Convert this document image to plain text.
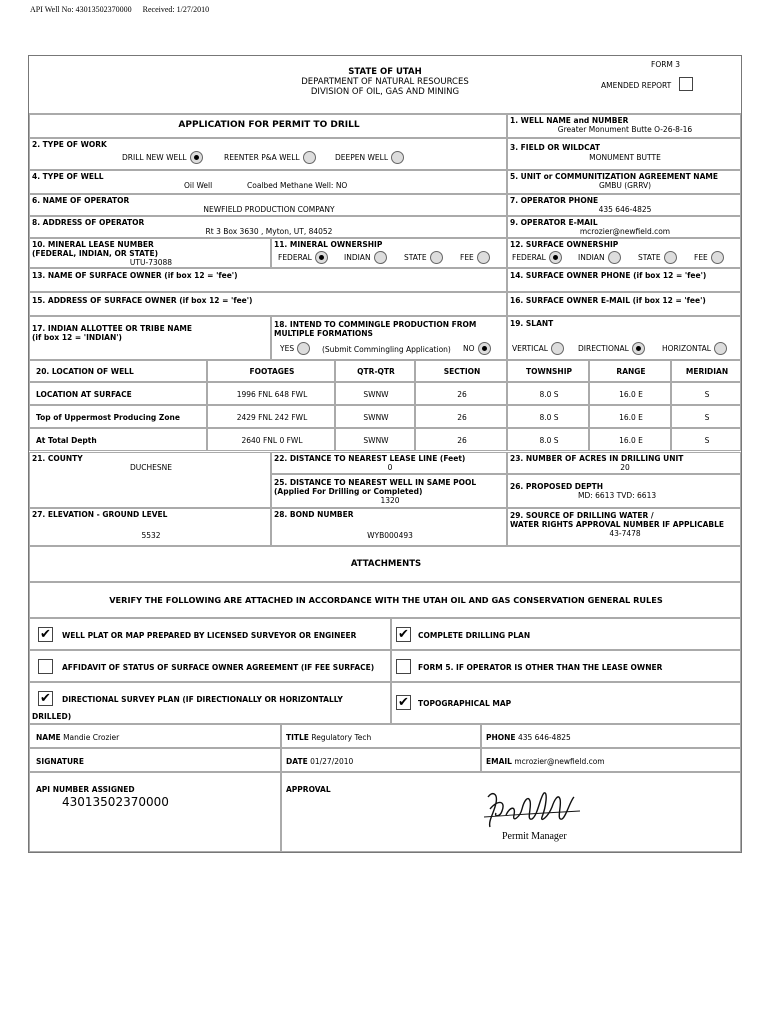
API Well No: 43013502370000 Received: 1/27/2010
FORM 3
STATE OF UTAH
DEPARTMENT OF NATURAL RESOURCES
DIVISION OF OIL, GAS AND MINING
AMENDED REPORT
APPLICATION FOR PERMIT TO DRILL	1. WELL NAME and NUMBER
Greater Monument Butte O-26-8-16
2. TYPE OF WORK
DRILL NEW WELL	REENTER P&A WELL	DEEPEN WELL
3. FIELD OR WILDCAT
MONUMENT BUTTE
4. TYPE OF WELL
Oil Well	Coalbed Methane Well: NO
5. UNIT or COMMUNITIZATION AGREEMENT NAME
GMBU (GRRV)
6. NAME OF OPERATOR
NEWFIELD PRODUCTION COMPANY
7. OPERATOR PHONE
435 646-4825
8. ADDRESS OF OPERATOR
Rt 3 Box 3630 , Myton, UT, 84052
9. OPERATOR E-MAIL
mcrozier@newfield.com
10. MINERAL LEASE NUMBER
(FEDERAL, INDIAN, OR STATE)
UTU-73088
11. MINERAL OWNERSHIP
FEDERAL	INDIAN	STATE	FEE
12. SURFACE OWNERSHIP
FEDERAL	INDIAN	STATE	FEE
13. NAME OF SURFACE OWNER (if box 12 = 'fee')	14. SURFACE OWNER PHONE (if box 12 = 'fee')
15. ADDRESS OF SURFACE OWNER (if box 12 = 'fee')	16. SURFACE OWNER E-MAIL (if box 12 = 'fee')
17. INDIAN ALLOTTEE OR TRIBE NAME
(if box 12 = 'INDIAN')
18. INTEND TO COMMINGLE PRODUCTION FROM
MULTIPLE FORMATIONS
YES	(Submit Commingling Application) NO
19. SLANT
VERTICAL	DIRECTIONAL	HORIZONTAL
20. LOCATION OF WELL	FOOTAGES	QTR-QTR	SECTION	TOWNSHIP	RANGE	MERIDIAN
LOCATION AT SURFACE	1996 FNL 648 FWL	SWNW	26	8.0 S	16.0 E	S
Top of Uppermost Producing Zone	2429 FNL 242 FWL	SWNW	26	8.0 S	16.0 E	S
At Total Depth	2640 FNL 0 FWL	SWNW	26	8.0 S	16.0 E	S
21. COUNTY
DUCHESNE
22. DISTANCE TO NEAREST LEASE LINE (Feet)
0
23. NUMBER OF ACRES IN DRILLING UNIT
20
25. DISTANCE TO NEAREST WELL IN SAME POOL
(Applied For Drilling or Completed)
1320
26. PROPOSED DEPTH
MD: 6613 TVD: 6613
27. ELEVATION - GROUND LEVEL
5532
28. BOND NUMBER
WYB000493
29. SOURCE OF DRILLING WATER /
WATER RIGHTS APPROVAL NUMBER IF APPLICABLE
43-7478
ATTACHMENTS
VERIFY THE FOLLOWING ARE ATTACHED IN ACCORDANCE WITH THE UTAH OIL AND GAS CONSERVATION GENERAL RULES
✔ WELL PLAT OR MAP PREPARED BY LICENSED SURVEYOR OR ENGINEER	✔ COMPLETE DRILLING PLAN
AFFIDAVIT OF STATUS OF SURFACE OWNER AGREEMENT (IF FEE SURFACE)	FORM 5. IF OPERATOR IS OTHER THAN THE LEASE OWNER
✔ DIRECTIONAL SURVEY PLAN (IF DIRECTIONALLY OR HORIZONTALLY
DRILLED)
✔ TOPOGRAPHICAL MAP
NAME Mandie Crozier	TITLE Regulatory Tech	PHONE 435 646-4825
SIGNATURE	DATE 01/27/2010	EMAIL mcrozier@newfield.com
API NUMBER ASSIGNED
43013502370000
APPROVAL
Permit Manager
